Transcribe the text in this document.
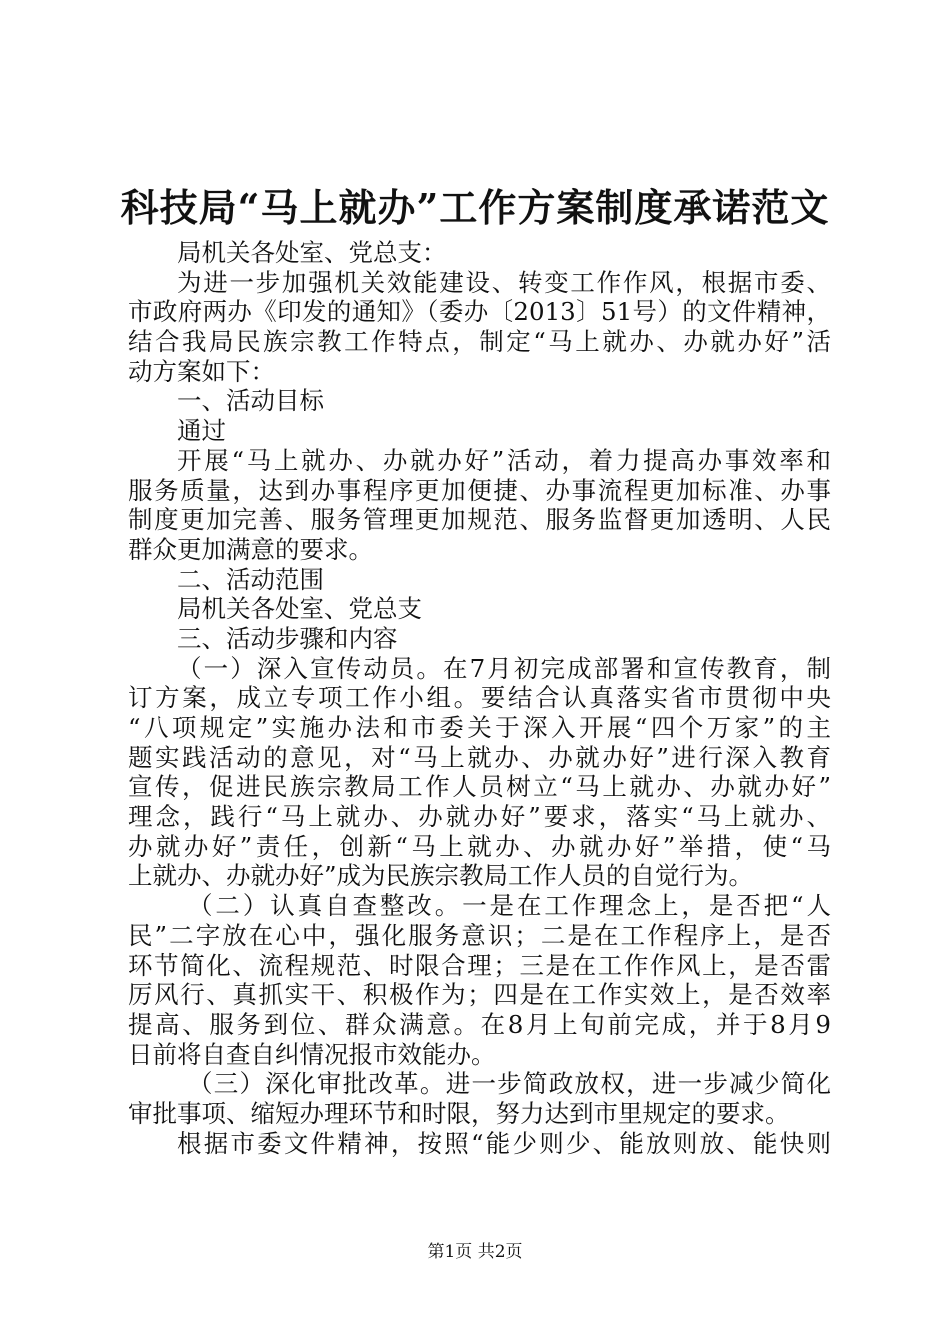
科技局“马上就办”工作方案制度承诺范文

局机关各处室、党总支：

为进一步加强机关效能建设、转变工作作风，根据市委、
市政府两办《印发的通知》（委办〔2013〕51号）的文件精神，
结合我局民族宗教工作特点，制定“马上就办、办就办好”活
动方案如下：

一、活动目标

通过

开展“马上就办、办就办好”活动，着力提高办事效率和
服务质量，达到办事程序更加便捷、办事流程更加标准、办事
制度更加完善、服务管理更加规范、服务监督更加透明、人民
群众更加满意的要求。

二、活动范围

局机关各处室、党总支

三、活动步骤和内容

（一）深入宣传动员。在7月初完成部署和宣传教育，制
订方案，成立专项工作小组。要结合认真落实省市贯彻中央
“八项规定”实施办法和市委关于深入开展“四个万家”的主
题实践活动的意见，对“马上就办、办就办好”进行深入教育
宣传，促进民族宗教局工作人员树立“马上就办、办就办好”
理念，践行“马上就办、办就办好”要求，落实“马上就办、
办就办好”责任，创新“马上就办、办就办好”举措，使“马
上就办、办就办好”成为民族宗教局工作人员的自觉行为。

（二）认真自查整改。一是在工作理念上，是否把“人
民”二字放在心中，强化服务意识；二是在工作程序上，是否
环节简化、流程规范、时限合理；三是在工作作风上，是否雷
厉风行、真抓实干、积极作为；四是在工作实效上，是否效率
提高、服务到位、群众满意。在8月上旬前完成，并于8月9
日前将自查自纠情况报市效能办。

（三）深化审批改革。进一步简政放权，进一步减少简化
审批事项、缩短办理环节和时限，努力达到市里规定的要求。

根据市委文件精神，按照“能少则少、能放则放、能快则

第1页 共2页
